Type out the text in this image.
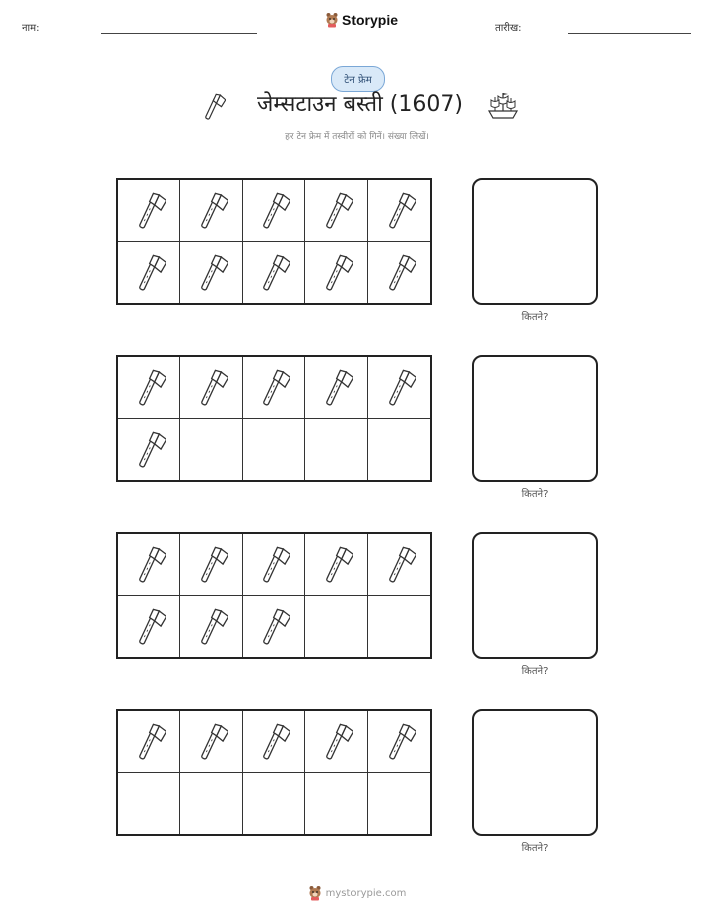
नाम:
Storypie
तारीख:
टेन फ्रेम
जेम्सटाउन बस्ती (1607)
हर टेन फ्रेम में तस्वीरों को गिनें। संख्या लिखें।
कितने?
कितने?
कितने?
कितने?
mystorypie.com
